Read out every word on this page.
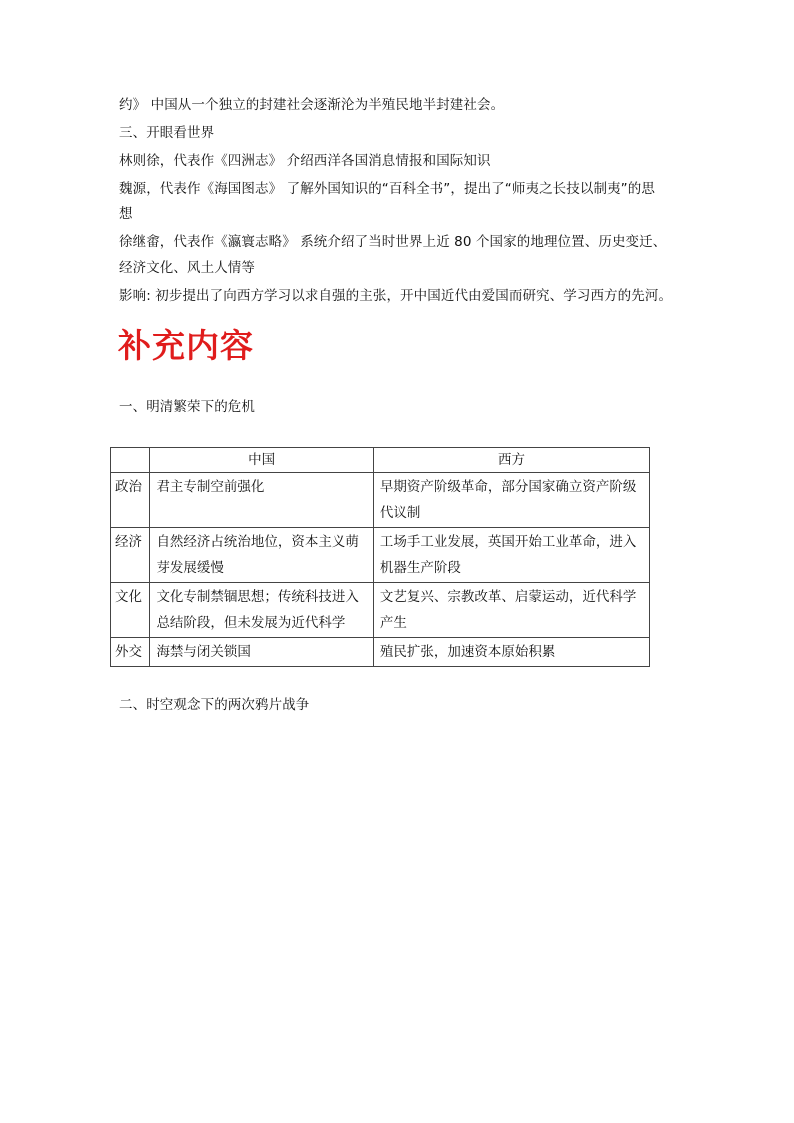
约》 中国从一个独立的封建社会逐渐沦为半殖民地半封建社会。
三、开眼看世界
林则徐，代表作《四洲志》 介绍西洋各国消息情报和国际知识
魏源，代表作《海国图志》 了解外国知识的“百科全书”，提出了“师夷之长技以制夷”的思
想
徐继畬，代表作《瀛寰志略》 系统介绍了当时世界上近 80 个国家的地理位置、历史变迁、
经济文化、风土人情等
影响: 初步提出了向西方学习以求自强的主张，开中国近代由爱国而研究、学习西方的先河。
补充内容
一、明清繁荣下的危机
	中国	西方
政治	君主专制空前强化	早期资产阶级革命，部分国家确立资产阶级代议制
经济	自然经济占统治地位，资本主义萌芽发展缓慢	工场手工业发展，英国开始工业革命，进入机器生产阶段
文化	文化专制禁锢思想；传统科技进入总结阶段，但未发展为近代科学	文艺复兴、宗教改革、启蒙运动，近代科学产生
外交	海禁与闭关锁国	殖民扩张，加速资本原始积累
二、时空观念下的两次鸦片战争
